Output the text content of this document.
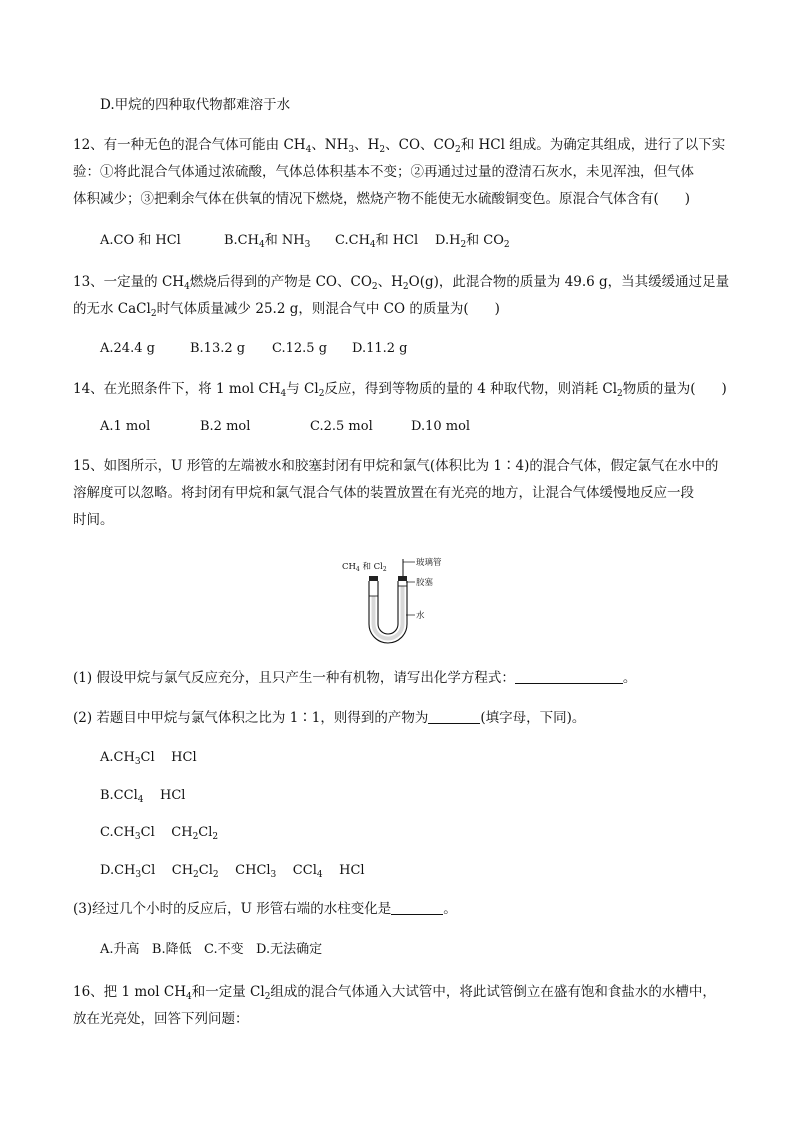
D.甲烷的四种取代物都难溶于水
12、有一种无色的混合气体可能由 $CH_4$、$NH_3$、$H_2$、CO、$CO_2$和 HCl 组成。为确定其组成，进行了以下实
验：①将此混合气体通过浓硫酸，气体总体积基本不变；②再通过过量的澄清石灰水，未见浑浊，但气体
体积减少；③把剩余气体在供氧的情况下燃烧，燃烧产物不能使无水硫酸铜变色。原混合气体含有( )
A.CO 和 HCl	$B.CH_4$和 $NH_3$ $C.CH_4$和 HCl $D.H_2$和 $CO_2$
13、一定量的 $CH_4$燃烧后得到的产物是 CO、$CO_2$、$H_2O(g)$，此混合物的质量为 49.6 g，当其缓缓通过足量
的无水 CaCl$_2$时气体质量减少 25.2 g，则混合气中 CO 的质量为( )
A.24.4 g	B.13.2 g C.12.5 g D.11.2 g
14、在光照条件下，将 1 mol $CH_4$与 $Cl_2$反应，得到等物质的量的 4 种取代物，则消耗 $Cl_2$物质的量为( )
A.1 mol	B.2 mol	C.2.5 mol	D.10 mol
15、如图所示，U 形管的左端被水和胶塞封闭有甲烷和氯气(体积比为 1∶4)的混合气体，假定氯气在水中的
溶解度可以忽略。将封闭有甲烷和氯气混合气体的装置放置在有光亮的地方，让混合气体缓慢地反应一段
时间。
$CH_4$ 和 $Cl_2$
玻璃管
胶塞
水
(1) 假设甲烷与氯气反应充分，且只产生一种有机物，请写出化学方程式：	。
(2) 若题目中甲烷与氯气体积之比为 1∶1，则得到的产物为	(填字母，下同)。
$A.CH_3Cl$    HCl
B.CCl$_4$    HCl
$C.CH_3Cl$    $CH_2Cl_2$
$D.CH_3Cl$    $CH_2Cl_2$    CHCl$_3$    CCl$_4$    HCl
(3)经过几个小时的反应后，U 形管右端的水柱变化是	。
A.升高   B.降低   C.不变   D.无法确定
16、把 1 mol $CH_4$和一定量 $Cl_2$组成的混合气体通入大试管中，将此试管倒立在盛有饱和食盐水的水槽中，
放在光亮处，回答下列问题：
